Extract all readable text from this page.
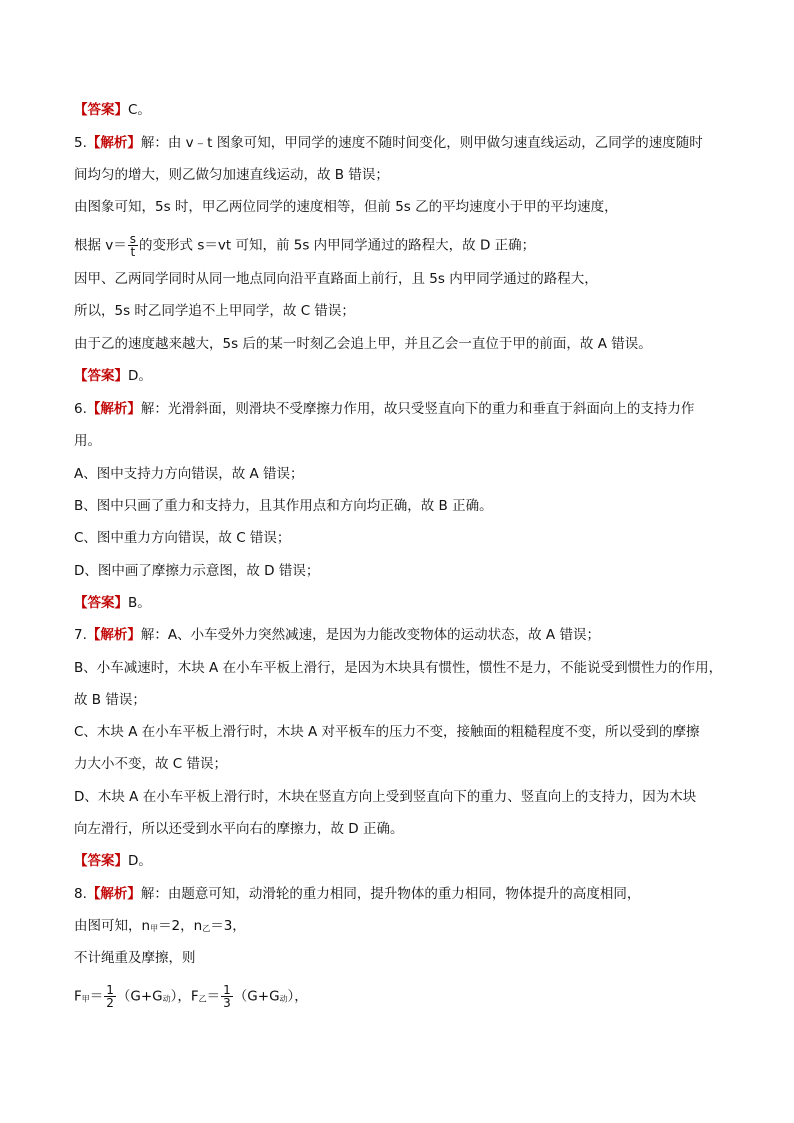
【答案】C。
5.【解析】解：由 v﹣t 图象可知，甲同学的速度不随时间变化，则甲做匀速直线运动，乙同学的速度随时
间均匀的增大，则乙做匀加速直线运动，故 B 错误；
由图象可知，5s 时，甲乙两位同学的速度相等，但前 5s 乙的平均速度小于甲的平均速度，
根据 $v= \frac{s}{t}$ 的变形式 s＝vt 可知，前 5s 内甲同学通过的路程大，故 D 正确；
因甲、乙两同学同时从同一地点同向沿平直路面上前行，且 5s 内甲同学通过的路程大，
所以，5s 时乙同学追不上甲同学，故 C 错误；
由于乙的速度越来越大，5s 后的某一时刻乙会追上甲，并且乙会一直位于甲的前面，故 A 错误。
【答案】D。
6.【解析】解：光滑斜面，则滑块不受摩擦力作用，故只受竖直向下的重力和垂直于斜面向上的支持力作
用。
A、图中支持力方向错误，故 A 错误；
B、图中只画了重力和支持力，且其作用点和方向均正确，故 B 正确。
C、图中重力方向错误，故 C 错误；
D、图中画了摩擦力示意图，故 D 错误；
【答案】B。
7.【解析】解：A、小车受外力突然减速，是因为力能改变物体的运动状态，故 A 错误；
B、小车减速时，木块 A 在小车平板上滑行，是因为木块具有惯性，惯性不是力，不能说受到惯性力的作用，
故 B 错误；
C、木块 A 在小车平板上滑行时，木块 A 对平板车的压力不变，接触面的粗糙程度不变，所以受到的摩擦
力大小不变，故 C 错误；
D、木块 A 在小车平板上滑行时，木块在竖直方向上受到竖直向下的重力、竖直向上的支持力，因为木块
向左滑行，所以还受到水平向右的摩擦力，故 D 正确。
【答案】D。
8.【解析】解：由题意可知，动滑轮的重力相同，提升物体的重力相同，物体提升的高度相同，
由图可知，n甲＝2，n乙＝3，
不计绳重及摩擦，则
F甲＝ $\frac{1}{2} (G+G$动），F乙＝ $\frac{1}{3} (G+G$动），
